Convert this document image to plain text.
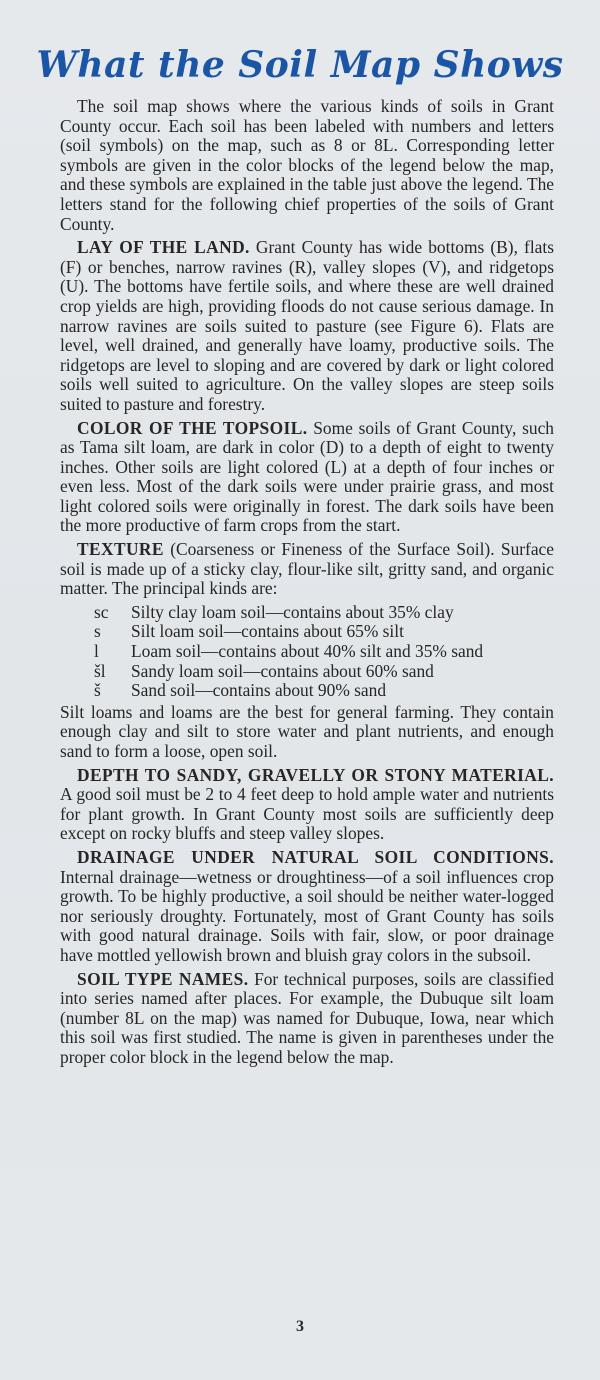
What the Soil Map Shows

The soil map shows where the various kinds of soils in Grant County occur. Each soil has been labeled with numbers and letters (soil symbols) on the map, such as 8 or 8L. Corresponding letter symbols are given in the color blocks of the legend below the map, and these symbols are explained in the table just above the legend. The letters stand for the following chief properties of the soils of Grant County.

LAY OF THE LAND. Grant County has wide bottoms (B), flats (F) or benches, narrow ravines (R), valley slopes (V), and ridgetops (U). The bottoms have fertile soils, and where these are well drained crop yields are high, providing floods do not cause serious damage. In narrow ravines are soils suited to pasture (see Figure 6). Flats are level, well drained, and generally have loamy, productive soils. The ridgetops are level to sloping and are covered by dark or light colored soils well suited to agriculture. On the valley slopes are steep soils suited to pasture and forestry.

COLOR OF THE TOPSOIL. Some soils of Grant County, such as Tama silt loam, are dark in color (D) to a depth of eight to twenty inches. Other soils are light colored (L) at a depth of four inches or even less. Most of the dark soils were under prairie grass, and most light colored soils were originally in forest. The dark soils have been the more productive of farm crops from the start.

TEXTURE (Coarseness or Fineness of the Surface Soil). Surface soil is made up of a sticky clay, flour-like silt, gritty sand, and organic matter. The principal kinds are:

sc	Silty clay loam soil—contains about 35% clay
s	Silt loam soil—contains about 65% silt
l	Loam soil—contains about 40% silt and 35% sand
šl	Sandy loam soil—contains about 60% sand
š	Sand soil—contains about 90% sand

Silt loams and loams are the best for general farming. They contain enough clay and silt to store water and plant nutrients, and enough sand to form a loose, open soil.

DEPTH TO SANDY, GRAVELLY OR STONY MATERIAL. A good soil must be 2 to 4 feet deep to hold ample water and nutrients for plant growth. In Grant County most soils are sufficiently deep except on rocky bluffs and steep valley slopes.

DRAINAGE UNDER NATURAL SOIL CONDITIONS. Internal drainage—wetness or droughtiness—of a soil influences crop growth. To be highly productive, a soil should be neither water-logged nor seriously droughty. Fortunately, most of Grant County has soils with good natural drainage. Soils with fair, slow, or poor drainage have mottled yellowish brown and bluish gray colors in the subsoil.

SOIL TYPE NAMES. For technical purposes, soils are classified into series named after places. For example, the Dubuque silt loam (number 8L on the map) was named for Dubuque, Iowa, near which this soil was first studied. The name is given in parentheses under the proper color block in the legend below the map.

3
